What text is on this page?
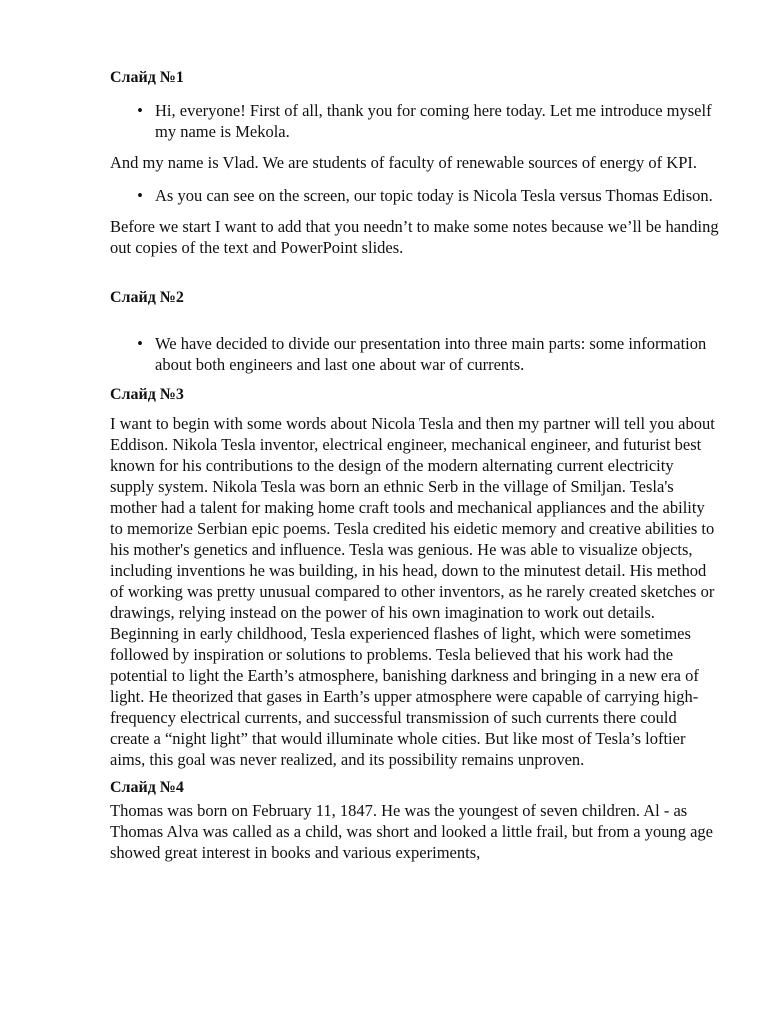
Слайд №1
• Hi, everyone! First of all, thank you for coming here today. Let me introduce myself my name is Mekola.

And my name is Vlad. We are students of faculty of renewable sources of energy of KPI.

• As you can see on the screen, our topic today is Nicola Tesla versus Thomas Edison.

Before we start I want to add that you needn’t to make some notes because we’ll be handing out copies of the text and PowerPoint slides.

Слайд №2
• We have decided to divide our presentation into three main parts: some information about both engineers and last one about war of currents.
Слайд №3

I want to begin with some words about Nicola Tesla and then my partner will tell you about Eddison. Nikola Tesla inventor, electrical engineer, mechanical engineer, and futurist best known for his contributions to the design of the modern alternating current electricity supply system. Nikola Tesla was born an ethnic Serb in the village of Smiljan. Tesla's mother had a talent for making home craft tools and mechanical appliances and the ability to memorize Serbian epic poems. Tesla credited his eidetic memory and creative abilities to his mother's genetics and influence. Tesla was genious. He was able to visualize objects, including inventions he was building, in his head, down to the minutest detail. His method of working was pretty unusual compared to other inventors, as he rarely created sketches or drawings, relying instead on the power of his own imagination to work out details. Beginning in early childhood, Tesla experienced flashes of light, which were sometimes followed by inspiration or solutions to problems. Tesla believed that his work had the potential to light the Earth’s atmosphere, banishing darkness and bringing in a new era of light. He theorized that gases in Earth’s upper atmosphere were capable of carrying high-frequency electrical currents, and successful transmission of such currents there could create a “night light” that would illuminate whole cities. But like most of Tesla’s loftier aims, this goal was never realized, and its possibility remains unproven.

Слайд №4

Thomas was born on February 11, 1847. He was the youngest of seven children. Al - as Thomas Alva was called as a child, was short and looked a little frail, but from a young age showed great interest in books and various experiments,
